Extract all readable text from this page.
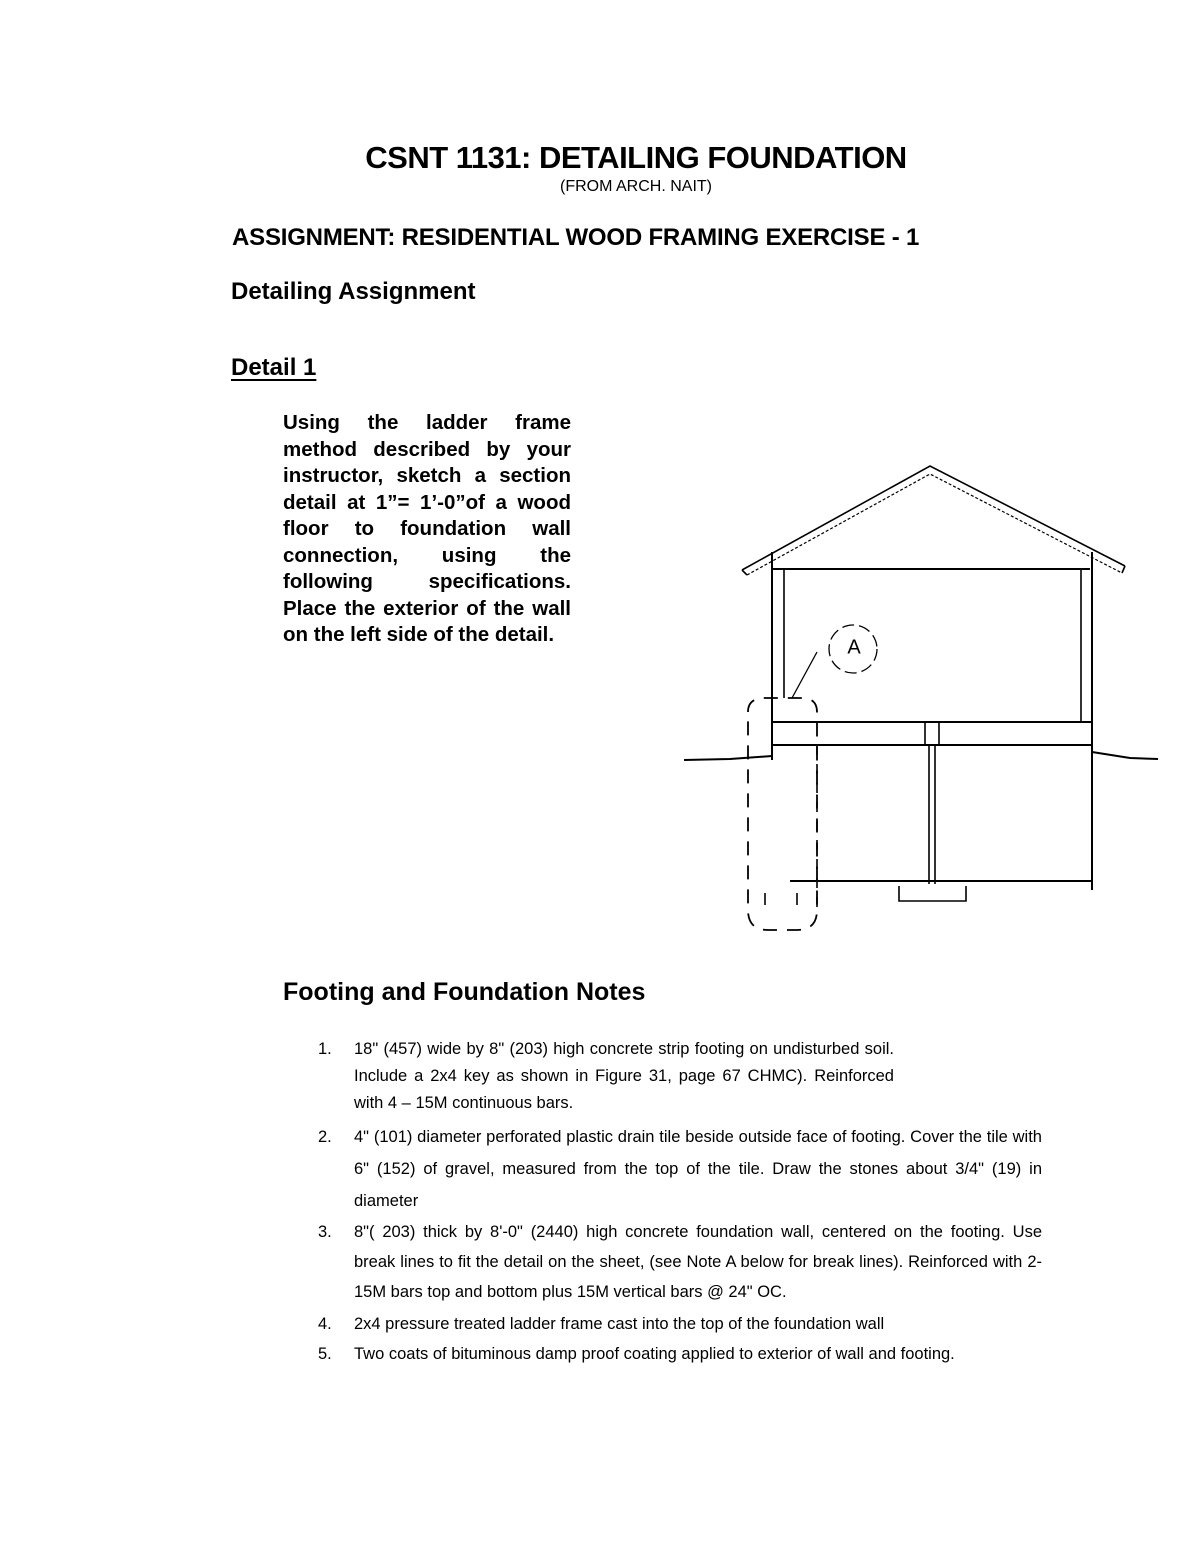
CSNT 1131: DETAILING FOUNDATION
(FROM ARCH. NAIT)
ASSIGNMENT: RESIDENTIAL WOOD FRAMING EXERCISE - 1
Detailing Assignment
Detail 1
Using the ladder frame method described by your instructor, sketch a section detail at 1”= 1’-0”of a wood floor to foundation wall connection, using the following specifications. Place the exterior of the wall on the left side of the detail.
A
Footing and Foundation Notes
1. 18" (457) wide by 8" (203) high concrete strip footing on undisturbed soil. Include a 2x4 key as shown in Figure 31, page 67 CHMC). Reinforced with 4 – 15M continuous bars.
2. 4" (101) diameter perforated plastic drain tile beside outside face of footing. Cover the tile with 6" (152) of gravel, measured from the top of the tile. Draw the stones about 3/4" (19) in diameter
3. 8"( 203) thick by 8'-0" (2440) high concrete foundation wall, centered on the footing. Use break lines to fit the detail on the sheet, (see Note A below for break lines). Reinforced with 2-15M bars top and bottom plus 15M vertical bars @ 24" OC.
4. 2x4 pressure treated ladder frame cast into the top of the foundation wall
5. Two coats of bituminous damp proof coating applied to exterior of wall and footing.
